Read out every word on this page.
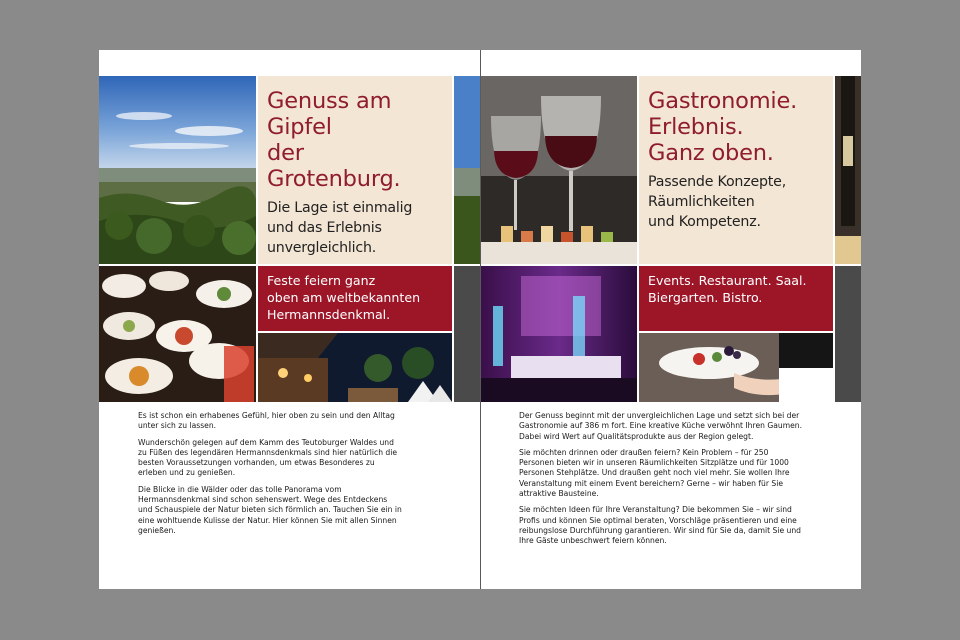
Genuss am
Gipfel
der Grotenburg.
Die Lage ist einmalig
und das Erlebnis
unvergleichlich.
Feste feiern ganz
oben am weltbekannten
Hermannsdenkmal.

Es ist schon ein erhabenes Gefühl, hier oben zu sein und den Alltag unter sich zu lassen.

Wunderschön gelegen auf dem Kamm des Teutoburger Waldes und zu Füßen des legendären Hermannsdenkmals sind hier natürlich die besten Voraussetzungen vorhanden, um etwas Besonderes zu erleben und zu genießen.

Die Blicke in die Wälder oder das tolle Panorama vom Hermannsdenkmal sind schon sehenswert. Wege des Entdeckens und Schauspiele der Natur bieten sich förmlich an. Tauchen Sie ein in eine wohltuende Kulisse der Natur. Hier können Sie mit allen Sinnen genießen.

Gastronomie.
Erlebnis.
Ganz oben.
Passende Konzepte,
Räumlichkeiten
und Kompetenz.
Events. Restaurant. Saal.
Biergarten. Bistro.

Der Genuss beginnt mit der unvergleichlichen Lage und setzt sich bei der Gastronomie auf 386 m fort. Eine kreative Küche verwöhnt Ihren Gaumen. Dabei wird Wert auf Qualitätsprodukte aus der Region gelegt.

Sie möchten drinnen oder draußen feiern? Kein Problem – für 250 Personen bieten wir in unseren Räumlichkeiten Sitzplätze und für 1000 Personen Stehplätze. Und draußen geht noch viel mehr. Sie wollen Ihre Veranstaltung mit einem Event bereichern? Gerne – wir haben für Sie attraktive Bausteine.

Sie möchten Ideen für Ihre Veranstaltung? Die bekommen Sie – wir sind Profis und können Sie optimal beraten, Vorschläge präsentieren und eine reibungslose Durchführung garantieren. Wir sind für Sie da, damit Sie und Ihre Gäste unbeschwert feiern können.
